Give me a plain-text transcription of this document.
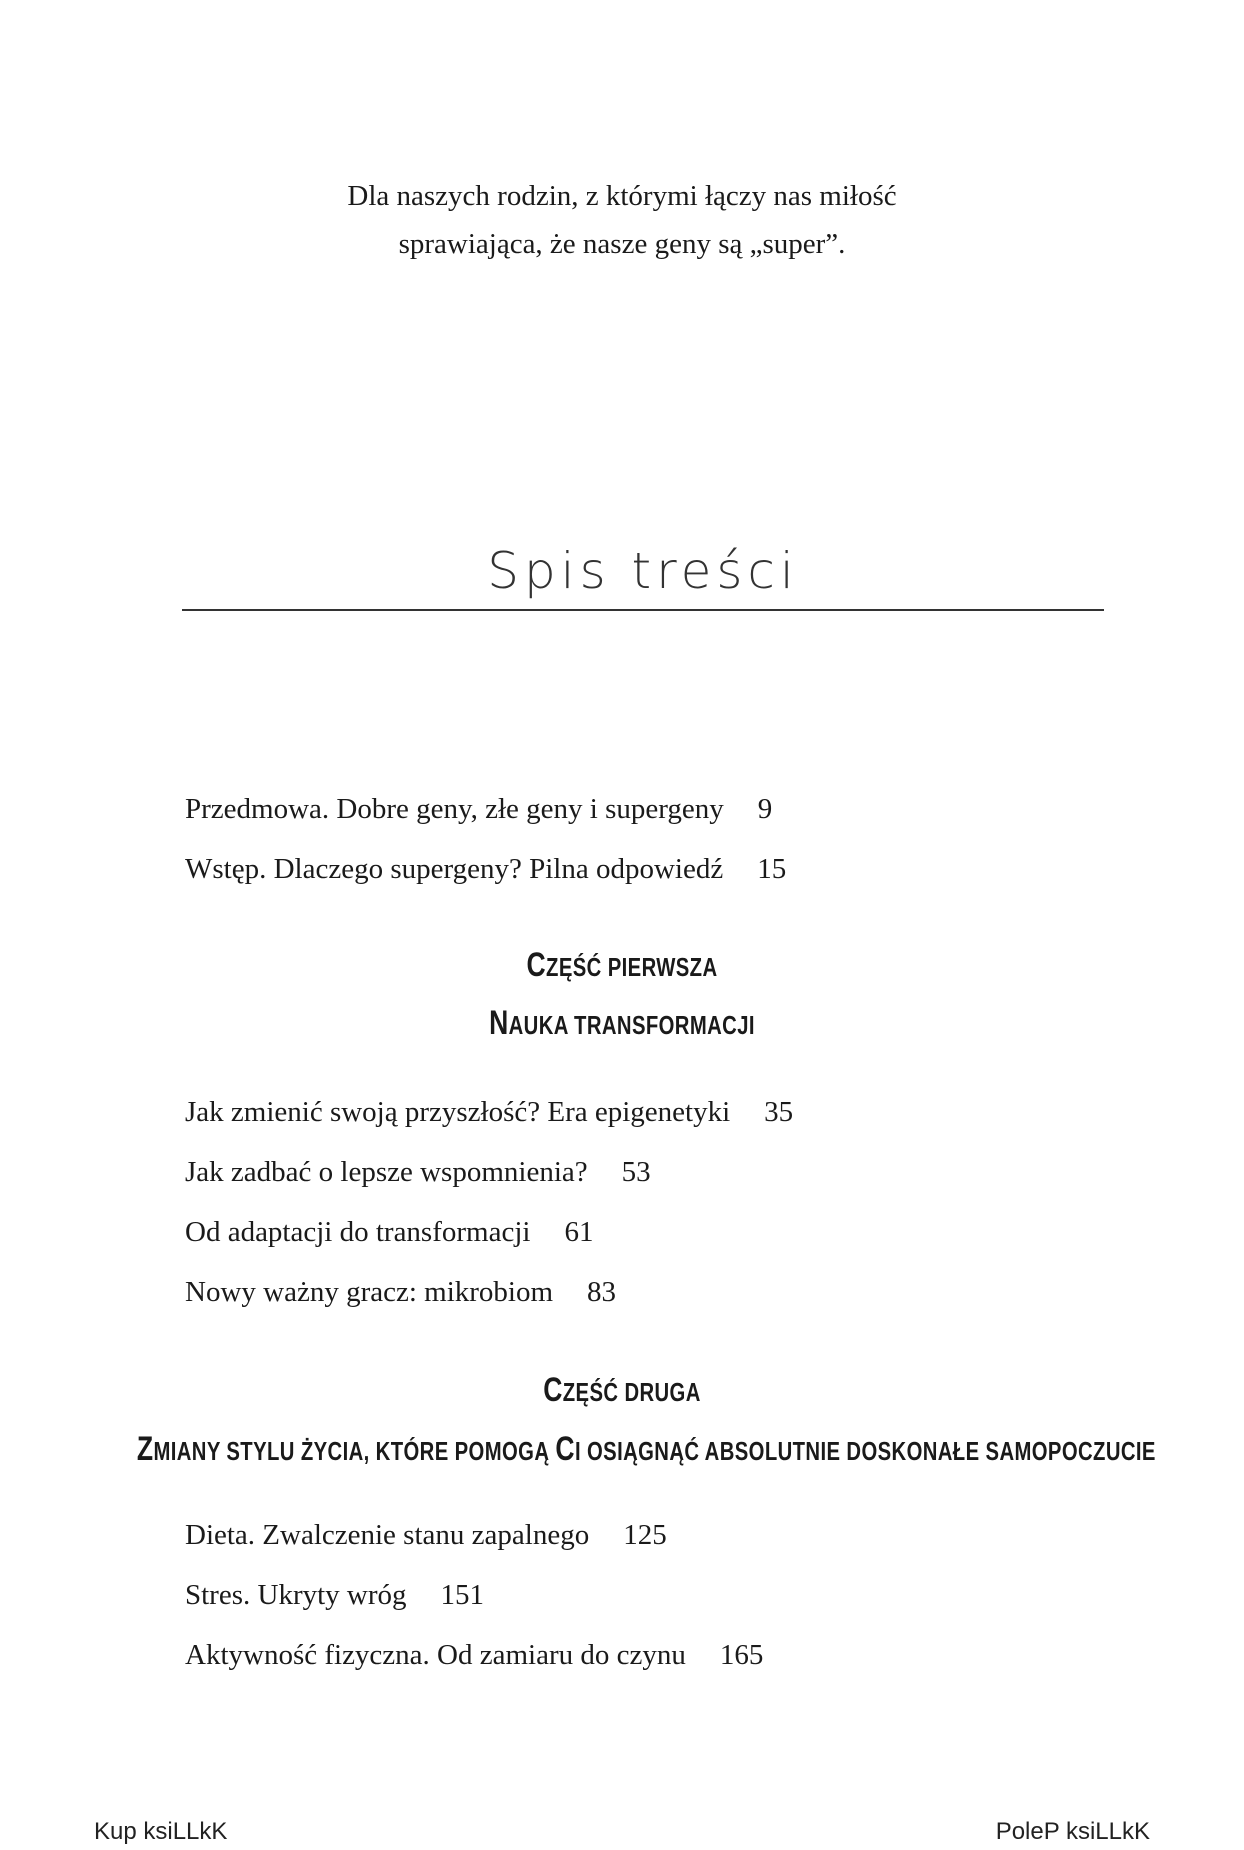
Dla naszych rodzin, z którymi łączy nas miłość
sprawiająca, że nasze geny są „super”.
Spis treści
Przedmowa. Dobre geny, złe geny i supergeny 9
Wstęp. Dlaczego supergeny? Pilna odpowiedź 15
CZĘŚĆ PIERWSZA
NAUKA TRANSFORMACJI
Jak zmienić swoją przyszłość? Era epigenetyki 35
Jak zadbać o lepsze wspomnienia? 53
Od adaptacji do transformacji 61
Nowy ważny gracz: mikrobiom 83
CZĘŚĆ DRUGA
ZMIANY STYLU ŻYCIA, KTÓRE POMOGĄ CI OSIĄGNĄĆ ABSOLUTNIE DOSKONAŁE SAMOPOCZUCIE
Dieta. Zwalczenie stanu zapalnego 125
Stres. Ukryty wróg 151
Aktywność fizyczna. Od zamiaru do czynu 165
Kup ksiLLkK	PoleP ksiLLkK
